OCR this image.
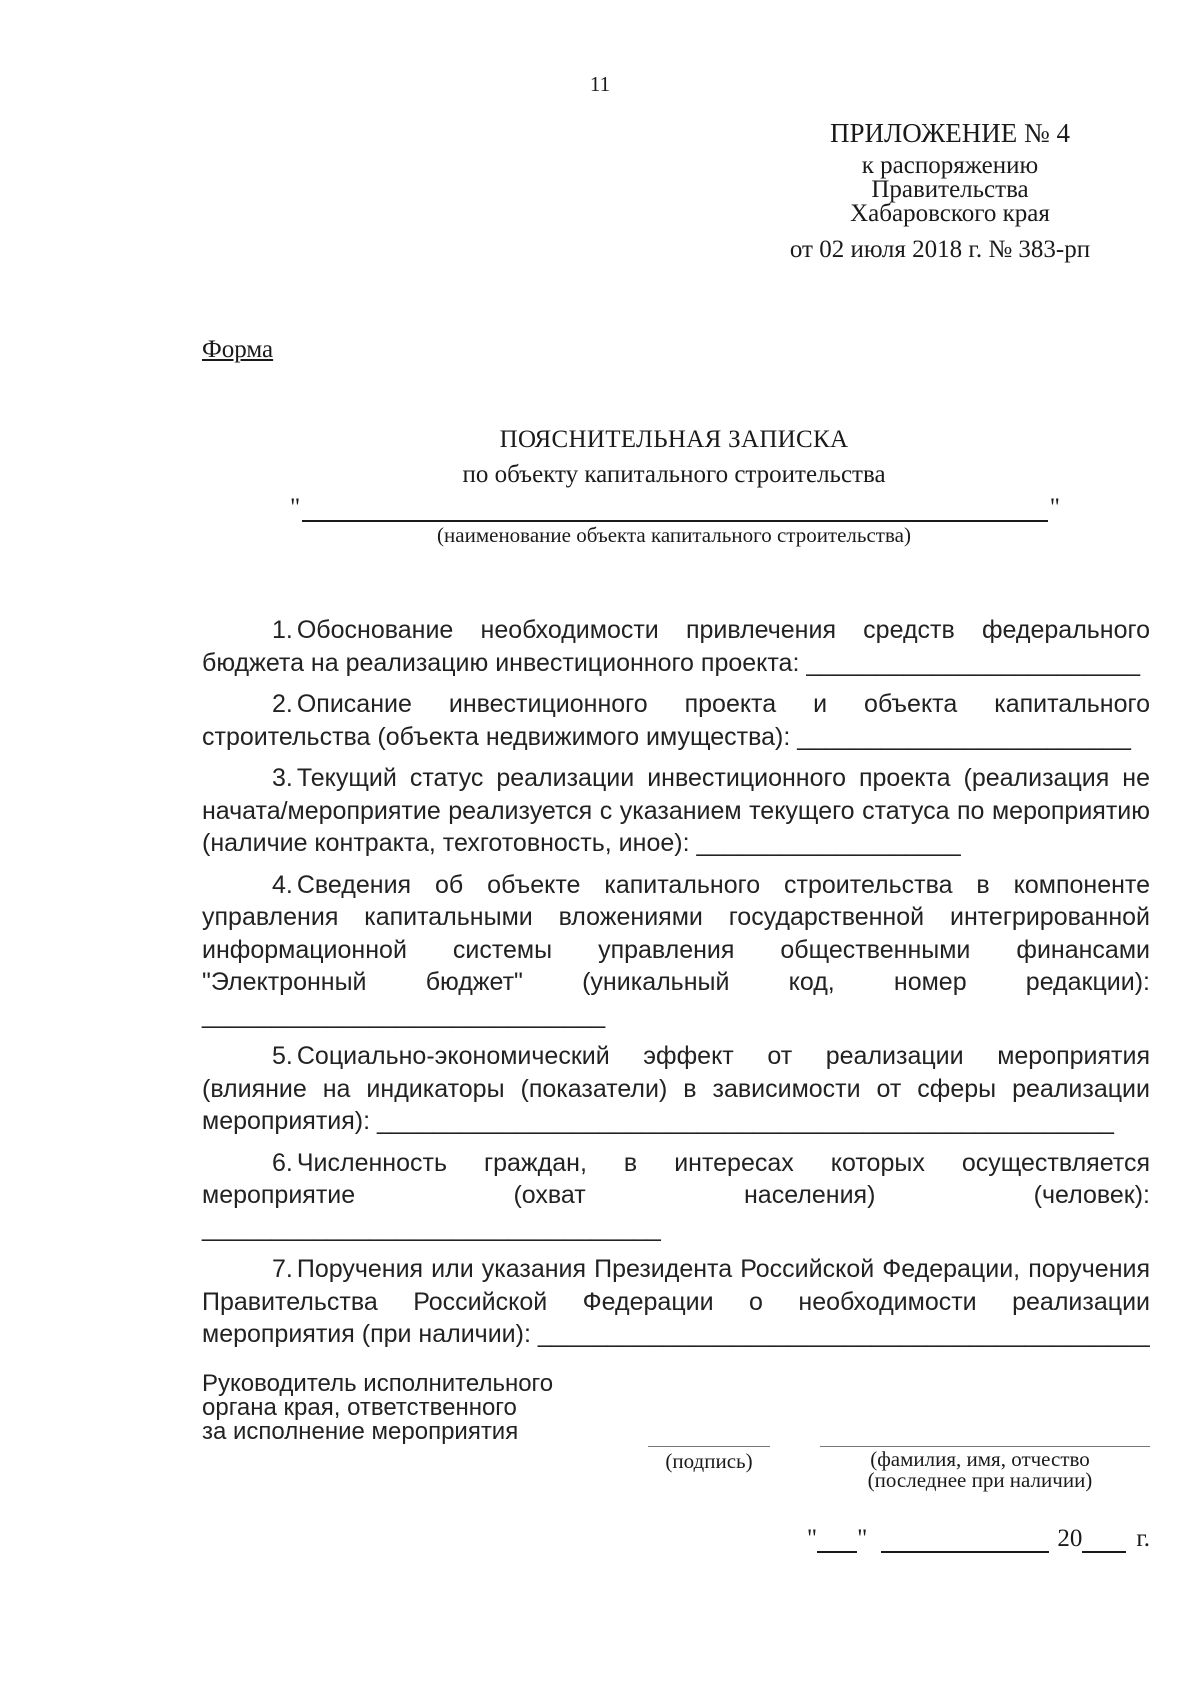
11
ПРИЛОЖЕНИЕ № 4
к распоряжению
Правительства
Хабаровского края
от 02 июля 2018 г. № 383-рп
Форма
ПОЯСНИТЕЛЬНАЯ ЗАПИСКА
по объекту капитального строительства
"	"
(наименование объекта капитального строительства)

1. Обоснование необходимости привлечения средств федерального бюджета на реализацию инвестиционного проекта: ________________________

2. Описание инвестиционного проекта и объекта капитального строительства (объекта недвижимого имущества): ________________________

3. Текущий статус реализации инвестиционного проекта (реализация не начата/мероприятие реализуется с указанием текущего статуса по мероприятию (наличие контракта, техготовность, иное): ___________________

4. Сведения об объекте капитального строительства в компоненте управления капитальными вложениями государственной интегрированной информационной системы управления общественными финансами "Электронный бюджет" (уникальный код, номер редакции): _____________________________

5. Социально-экономический эффект от реализации мероприятия (влияние на индикаторы (показатели) в зависимости от сферы реализации мероприятия): _____________________________________________________

6. Численность граждан, в интересах которых осуществляется мероприятие (охват населения) (человек): _________________________________

7. Поручения или указания Президента Российской Федерации, поручения Правительства Российской Федерации о необходимости реализации мероприятия (при наличии): ____________________________________________

Руководитель исполнительного
органа края, ответственного
за исполнение мероприятия
(подпись)	(фамилия, имя, отчество
(последнее при наличии)
" "	20 г.
